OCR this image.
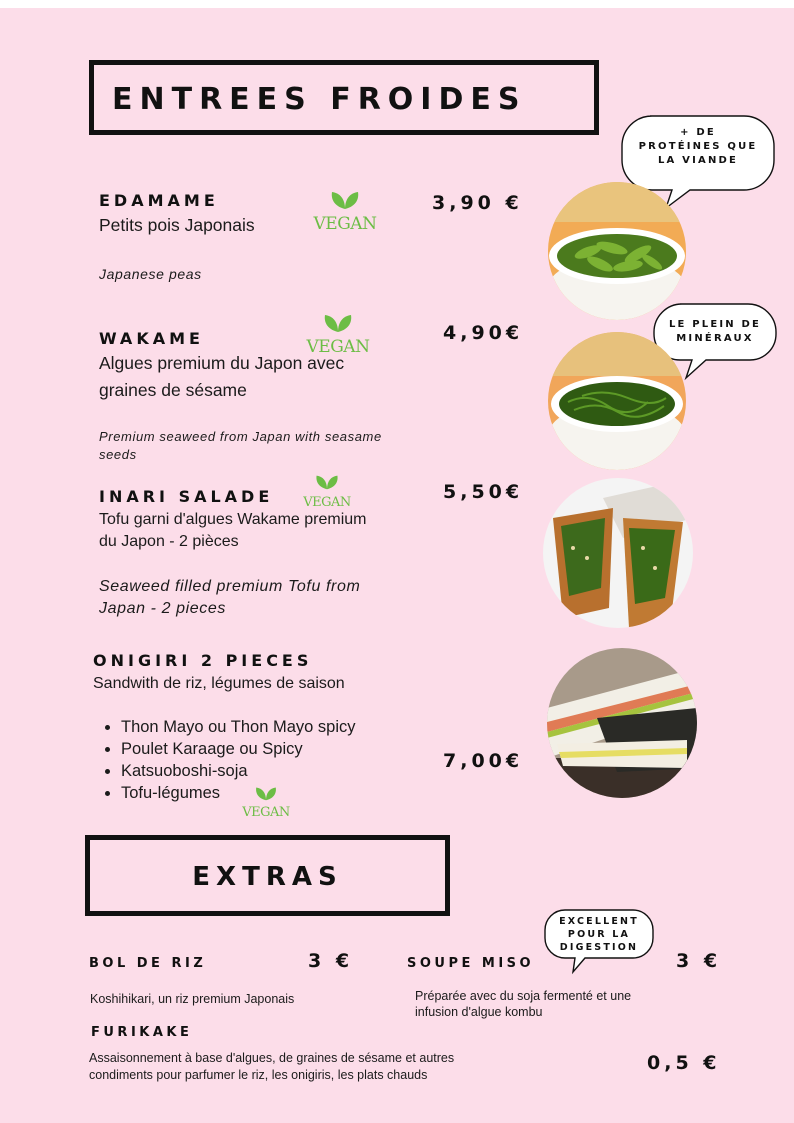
ENTREES FROIDES
EDAMAME
Petits pois Japonais
Japanese peas
3,90 €
VEGAN
+ DE
PROTÉINES QUE
LA VIANDE
WAKAME
Algues premium du Japon avec
graines de sésame
Premium seaweed from Japan with seasame
seeds
4,90€
VEGAN
LE PLEIN DE
MINÉRAUX
INARI SALADE
Tofu garni d'algues Wakame premium
du Japon - 2 pièces
Seaweed filled premium Tofu from
Japan - 2 pieces
5,50€
VEGAN
ONIGIRI 2 PIECES
Sandwith de riz, légumes de saison
• Thon Mayo ou Thon Mayo spicy
• Poulet Karaage ou Spicy
• Katsuoboshi-soja
• Tofu-légumes
7,00€
VEGAN
EXTRAS
EXCELLENT
POUR LA
DIGESTION
BOL DE RIZ	3 €
Koshihikari, un riz premium Japonais
SOUPE MISO	3 €
Préparée avec du soja fermenté et une
infusion d'algue kombu
FURIKAKE
Assaisonnement à base d'algues, de graines de sésame et autres
condiments pour parfumer le riz, les onigiris, les plats chauds
0,5 €
